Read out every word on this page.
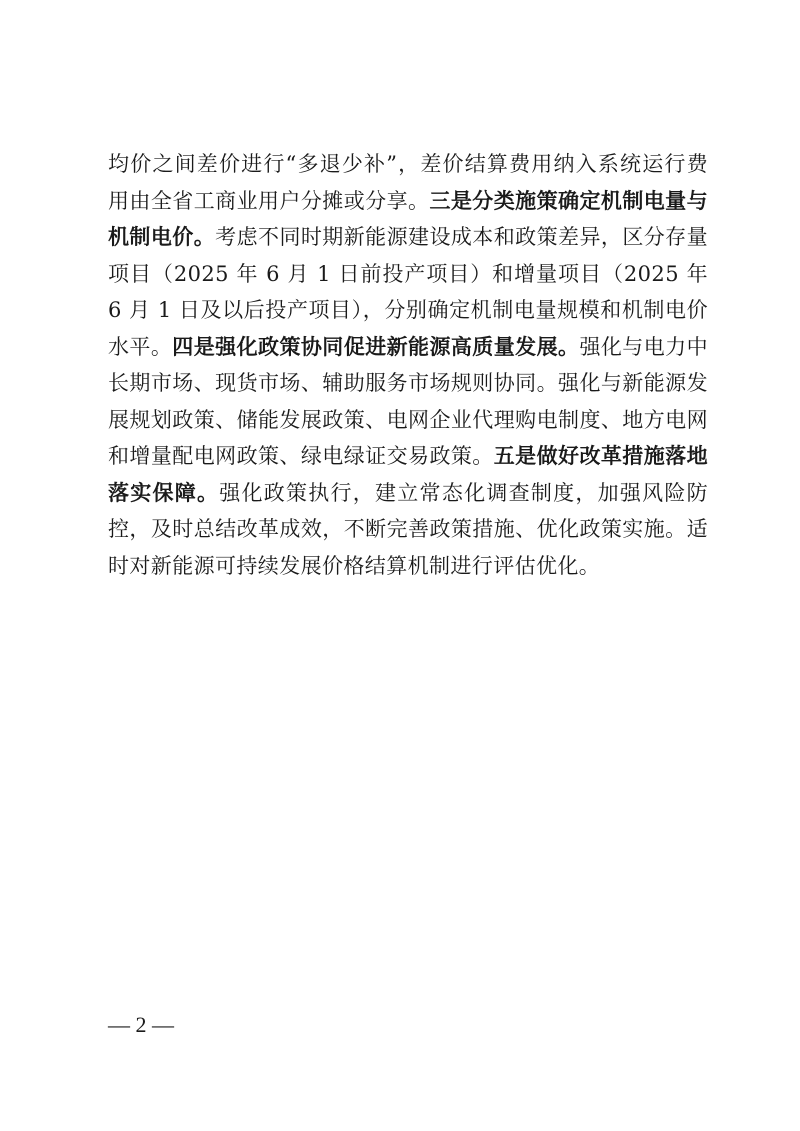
均价之间差价进行“多退少补”，差价结算费用纳入系统运行费用由全省工商业用户分摊或分享。三是分类施策确定机制电量与机制电价。考虑不同时期新能源建设成本和政策差异，区分存量项目（2025 年 6 月 1 日前投产项目）和增量项目（2025 年 6 月 1 日及以后投产项目），分别确定机制电量规模和机制电价水平。四是强化政策协同促进新能源高质量发展。强化与电力中长期市场、现货市场、辅助服务市场规则协同。强化与新能源发展规划政策、储能发展政策、电网企业代理购电制度、地方电网和增量配电网政策、绿电绿证交易政策。五是做好改革措施落地落实保障。强化政策执行，建立常态化调查制度，加强风险防控，及时总结改革成效，不断完善政策措施、优化政策实施。适时对新能源可持续发展价格结算机制进行评估优化。

— 2 —
